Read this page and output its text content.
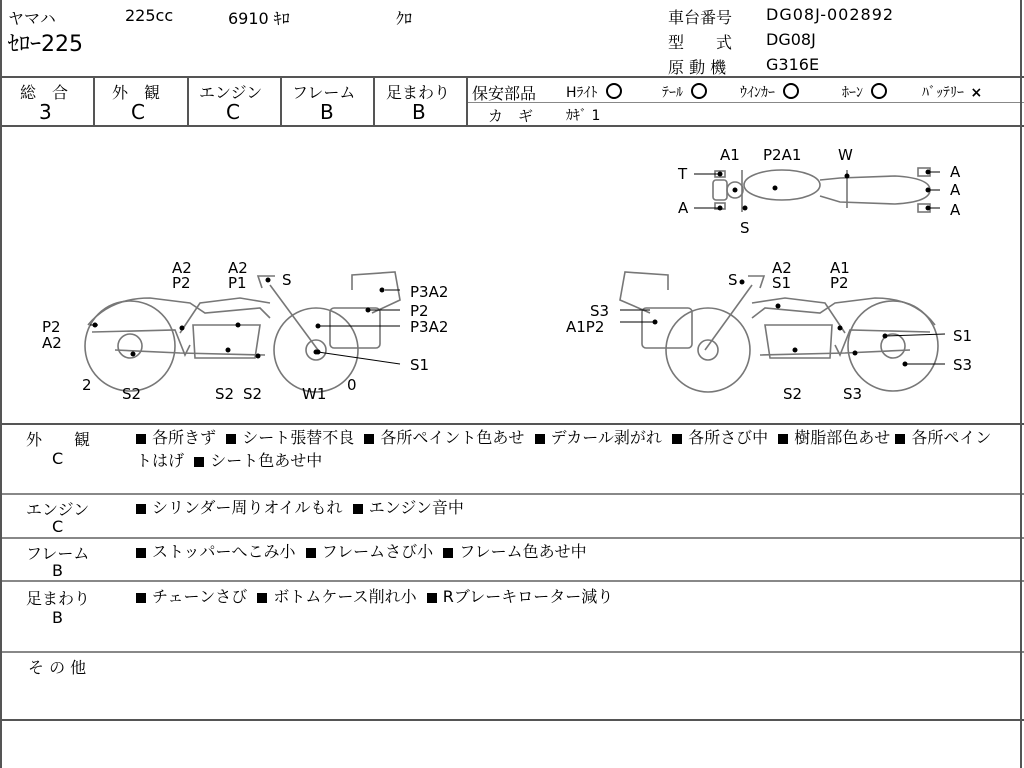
ヤマハ	225cc	6910 ｷﾛ	ｸﾛ
ｾﾛｰ225
車台番号 DG08J-002892
型　　式 DG08J
原 動 機 G316E
総　合
3
外　観
C
エンジン
C
フレーム
B
足まわり
B
保安部品 Hﾗｲﾄ	ﾃｰﾙ	ｳｲﾝｶｰ	ﾎｰﾝ	ﾊﾞｯﾃﾘｰ ×
カ　ギ ｶｷﾞ 1
A1 P2A1 W
T
A
A
A
A
S
A2
P2
A2
P1 S
P3A2
P2
P3A2
P2
A2
S1
2 S2	S2 S2	W1 0
S
A2
S1
A1
P2
S3
A1P2	S1
S3
S2	S3
外　　観
C
各所きず シート張替不良 各所ペイント色あせ デカール剥がれ 各所さび中 樹脂部色あせ 各所ペイントはげ シート色あせ中
エンジン
C
シリンダー周りオイルもれ エンジン音中
フレーム
B
ストッパーへこみ小 フレームさび小 フレーム色あせ中
足まわり
B
チェーンさび ボトムケース削れ小 Rブレーキローター減り
そ の 他
